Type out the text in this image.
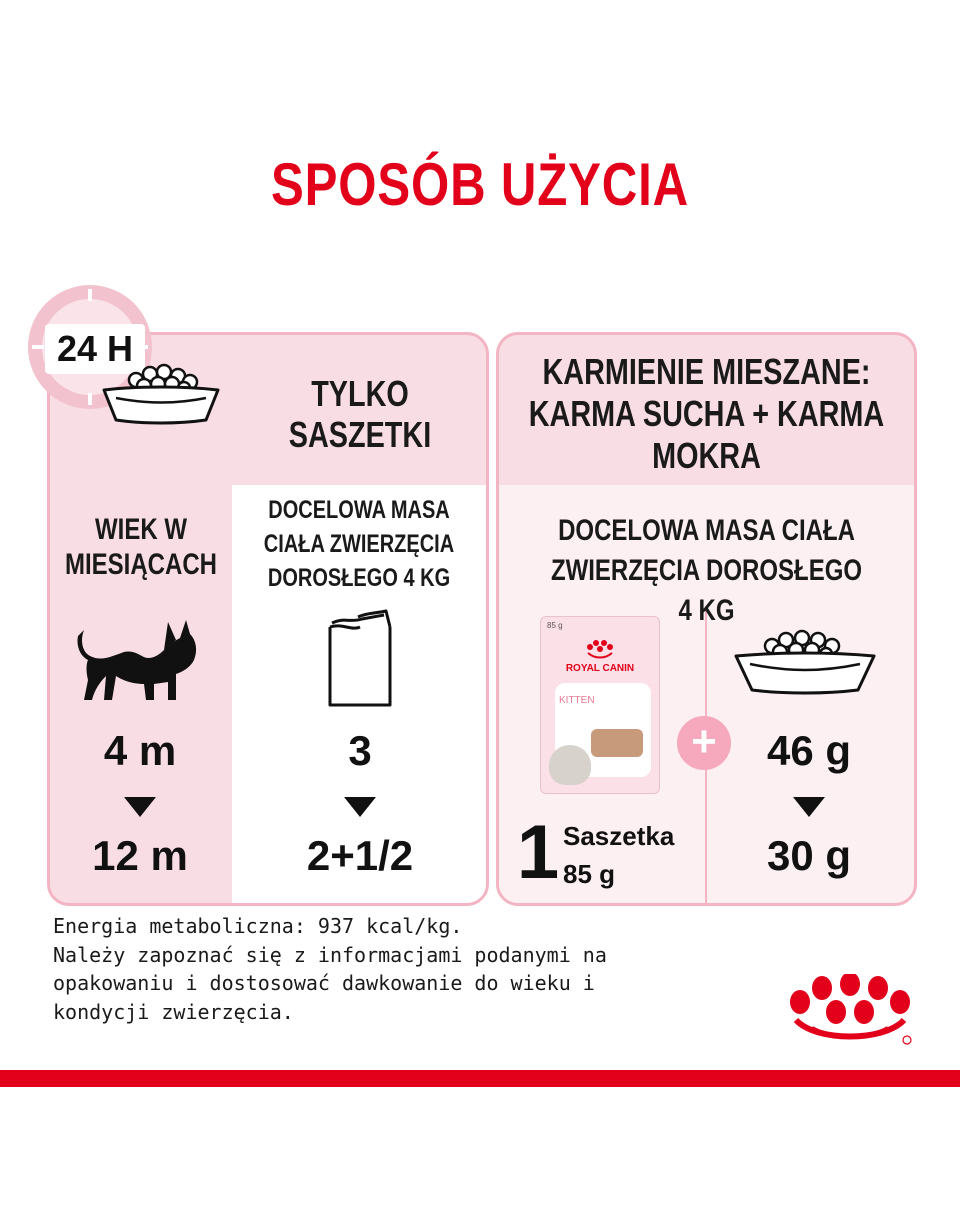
SPOSÓB UŻYCIA
TYLKO SASZETKI
WIEK W MIESIĄCACH
DOCELOWA MASA CIAŁA ZWIERZĘCIA DOROSŁEGO 4 KG
4 m
12 m
3
2+1/2
24 H
KARMIENIE MIESZANE: KARMA SUCHA + KARMA MOKRA
DOCELOWA MASA CIAŁA ZWIERZĘCIA DOROSŁEGO 4 KG
1 Saszetka
85 g
46 g
30 g
85 g
ROYAL CANIN
KITTEN
+
Energia metaboliczna: 937 kcal/kg.
Należy zapoznać się z informacjami podanymi na
opakowaniu i dostosować dawkowanie do wieku i
kondycji zwierzęcia.
